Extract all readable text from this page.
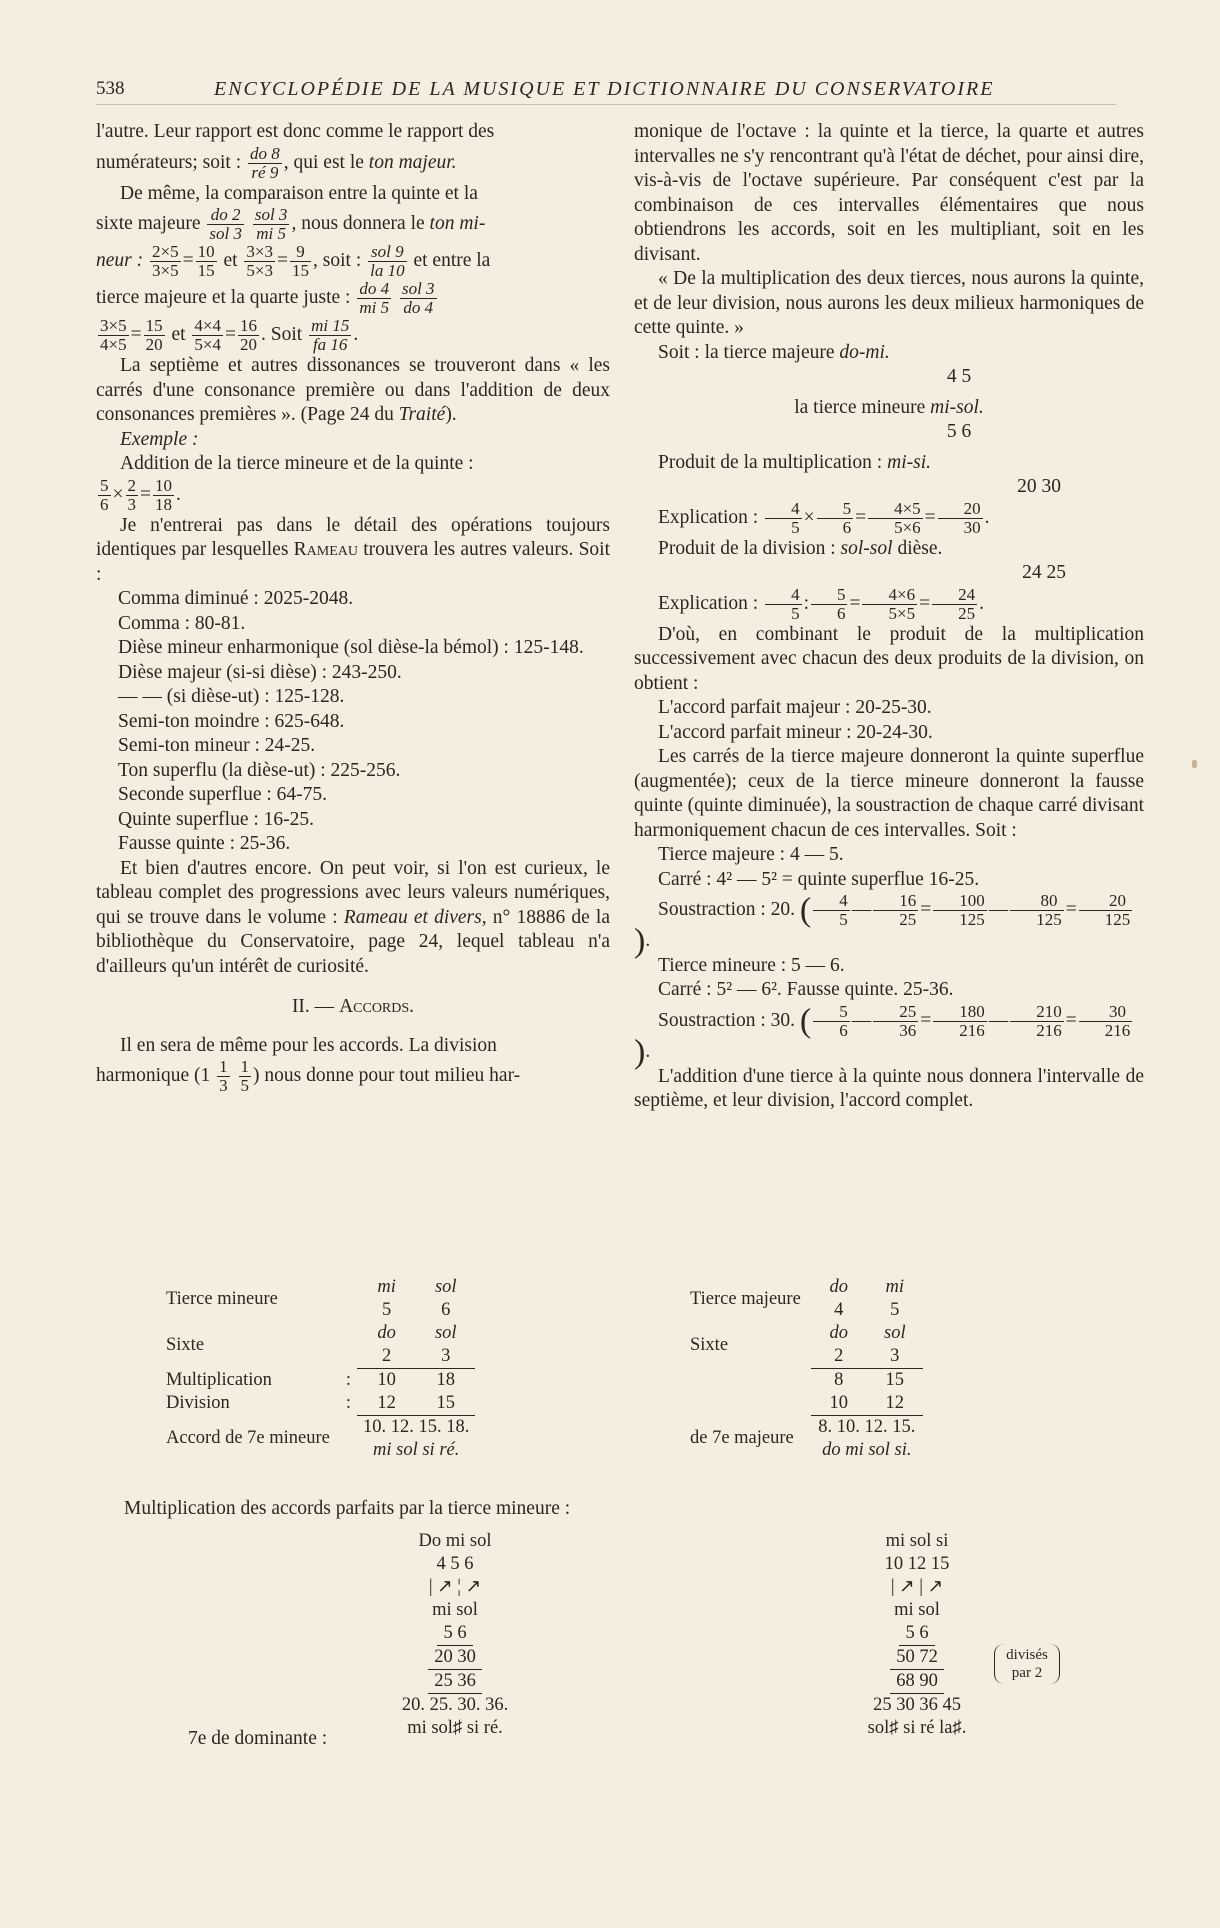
538	ENCYCLOPÉDIE DE LA MUSIQUE ET DICTIONNAIRE DU CONSERVATOIRE

l'autre. Leur rapport est donc comme le rapport des

numérateurs; soit : $\frac{do 8}{ré 9}$ , qui est le ton majeur.

De même, la comparaison entre la quinte et la

sixte majeure $\frac{do 2}{\text{sol 3}}$
$\frac{\text{sol 3}}{mi 5}$ , nous donnera le ton mi-

neur : $\frac{2\times 5}{3\times 5} = \frac{10}{15}$ et $\frac{3\times 3}{5\times 3} = \frac{9}{15}$ , soit : $\frac{\text{sol 9}}{la 10}$ et entre la

tierce majeure et la quarte juste : $\frac{do 4}{mi 5}$
$\frac{\text{sol 3}}{do 4}$

$\frac{3\times 5}{4\times 5} = \frac{15}{20}$ et $\frac{4\times 4}{5\times 4} = \frac{16}{20}$ . Soit $\frac{mi 15}{fa 16}$ .

La septième et autres dissonances se trouveront dans « les carrés d'une consonance première ou dans l'addition de deux consonances premières ». (Page 24 du Traité).

Exemple :

Addition de la tierce mineure et de la quinte :

$\frac{5}{6} \times \frac{2}{3} = \frac{10}{18}$ .

Je n'entrerai pas dans le détail des opérations toujours identiques par lesquelles Rameau trouvera les autres valeurs. Soit :

Comma diminué : 2025-2048.

Comma : 80-81.

Dièse mineur enharmonique (sol dièse-la bémol) : 125-148.

Dièse majeur (si-si dièse) : 243-250.

— — (si dièse-ut) : 125-128.

Semi-ton moindre : 625-648.

Semi-ton mineur : 24-25.

Ton superflu (la dièse-ut) : 225-256.

Seconde superflue : 64-75.

Quinte superflue : 16-25.

Fausse quinte : 25-36.

Et bien d'autres encore. On peut voir, si l'on est curieux, le tableau complet des progressions avec leurs valeurs numériques, qui se trouve dans le volume : Rameau et divers, n° 18886 de la bibliothèque du Conservatoire, page 24, lequel tableau n'a d'ailleurs qu'un intérêt de curiosité.

II. — Accords.

Il en sera de même pour les accords. La division

harmonique ($1 \frac{1}{3}$
$\frac{1}{5}$ ) nous donne pour tout milieu har-

monique de l'octave : la quinte et la tierce, la quarte et autres intervalles ne s'y rencontrant qu'à l'état de déchet, pour ainsi dire, vis-à-vis de l'octave supérieure. Par conséquent c'est par la combinaison de ces intervalles élémentaires que nous obtiendrons les accords, soit en les multipliant, soit en les divisant.

« De la multiplication des deux tierces, nous aurons la quinte, et de leur division, nous aurons les deux milieux harmoniques de cette quinte. »

Soit : la tierce majeure do-mi.

4 5

la tierce mineure mi-sol.

5 6

Produit de la multiplication : mi-si.

20 30

Explication : $\frac{4}{5} \times \frac{5}{6} = \frac{4\times 5}{5\times 6} = \frac{20}{30}$ .

Produit de la division : sol-sol dièse.

24 25

Explication : $\frac{4}{5}$ : $\frac{5}{6} = \frac{4\times 6}{5\times 5} = \frac{24}{25}$ .

D'où, en combinant le produit de la multiplication successivement avec chacun des deux produits de la division, on obtient :

L'accord parfait majeur : 20-25-30.

L'accord parfait mineur : 20-24-30.

Les carrés de la tierce majeure donneront la quinte superflue (augmentée); ceux de la tierce mineure donneront la fausse quinte (quinte diminuée), la soustraction de chaque carré divisant harmoniquement chacun de ces intervalles. Soit :

Tierce majeure : 4 — 5.

Carré : 4² — 5² = quinte superflue 16-25.

Soustraction : 20. ( $\frac{4}{5}$ — $\frac{16}{25} = \frac{100}{125}$ — $\frac{80}{125} = \frac{20}{125}$
).

Tierce mineure : 5 — 6.

Carré : 5² — 6². Fausse quinte. 25-36.

Soustraction : 30. ( $\frac{5}{6}$ — $\frac{25}{36} = \frac{180}{216}$ — $\frac{210}{216} = \frac{30}{216}$
).

L'addition d'une tierce à la quinte nous donnera l'intervalle de septième, et leur division, l'accord complet.

Tierce mineure		mi	sol
		5	6
Sixte		do	sol
		2	3
Multiplication	:	10	18
Division	:	12	15
Accord de 7e mineure		10. 12. 15. 18.	
		mi sol si ré.	
Tierce majeure	do	mi
	4	5
Sixte	do	sol
	2	3
	8	15
	10	12
de 7e majeure	8. 10. 12. 15.	
	do mi sol si.	

Multiplication des accords parfaits par la tierce mineure :

Do mi sol
4 5 6
| ↗ ¦ ↗
mi sol
5 6
20 30
25 36
20. 25. 30. 36.
mi sol♯ si ré.

7e de dominante :

mi sol si
10 12 15
| ↗ | ↗
mi sol
5 6
50 72
68 90
25 30 36 45
sol♯ si ré la♯.
divisés par 2
